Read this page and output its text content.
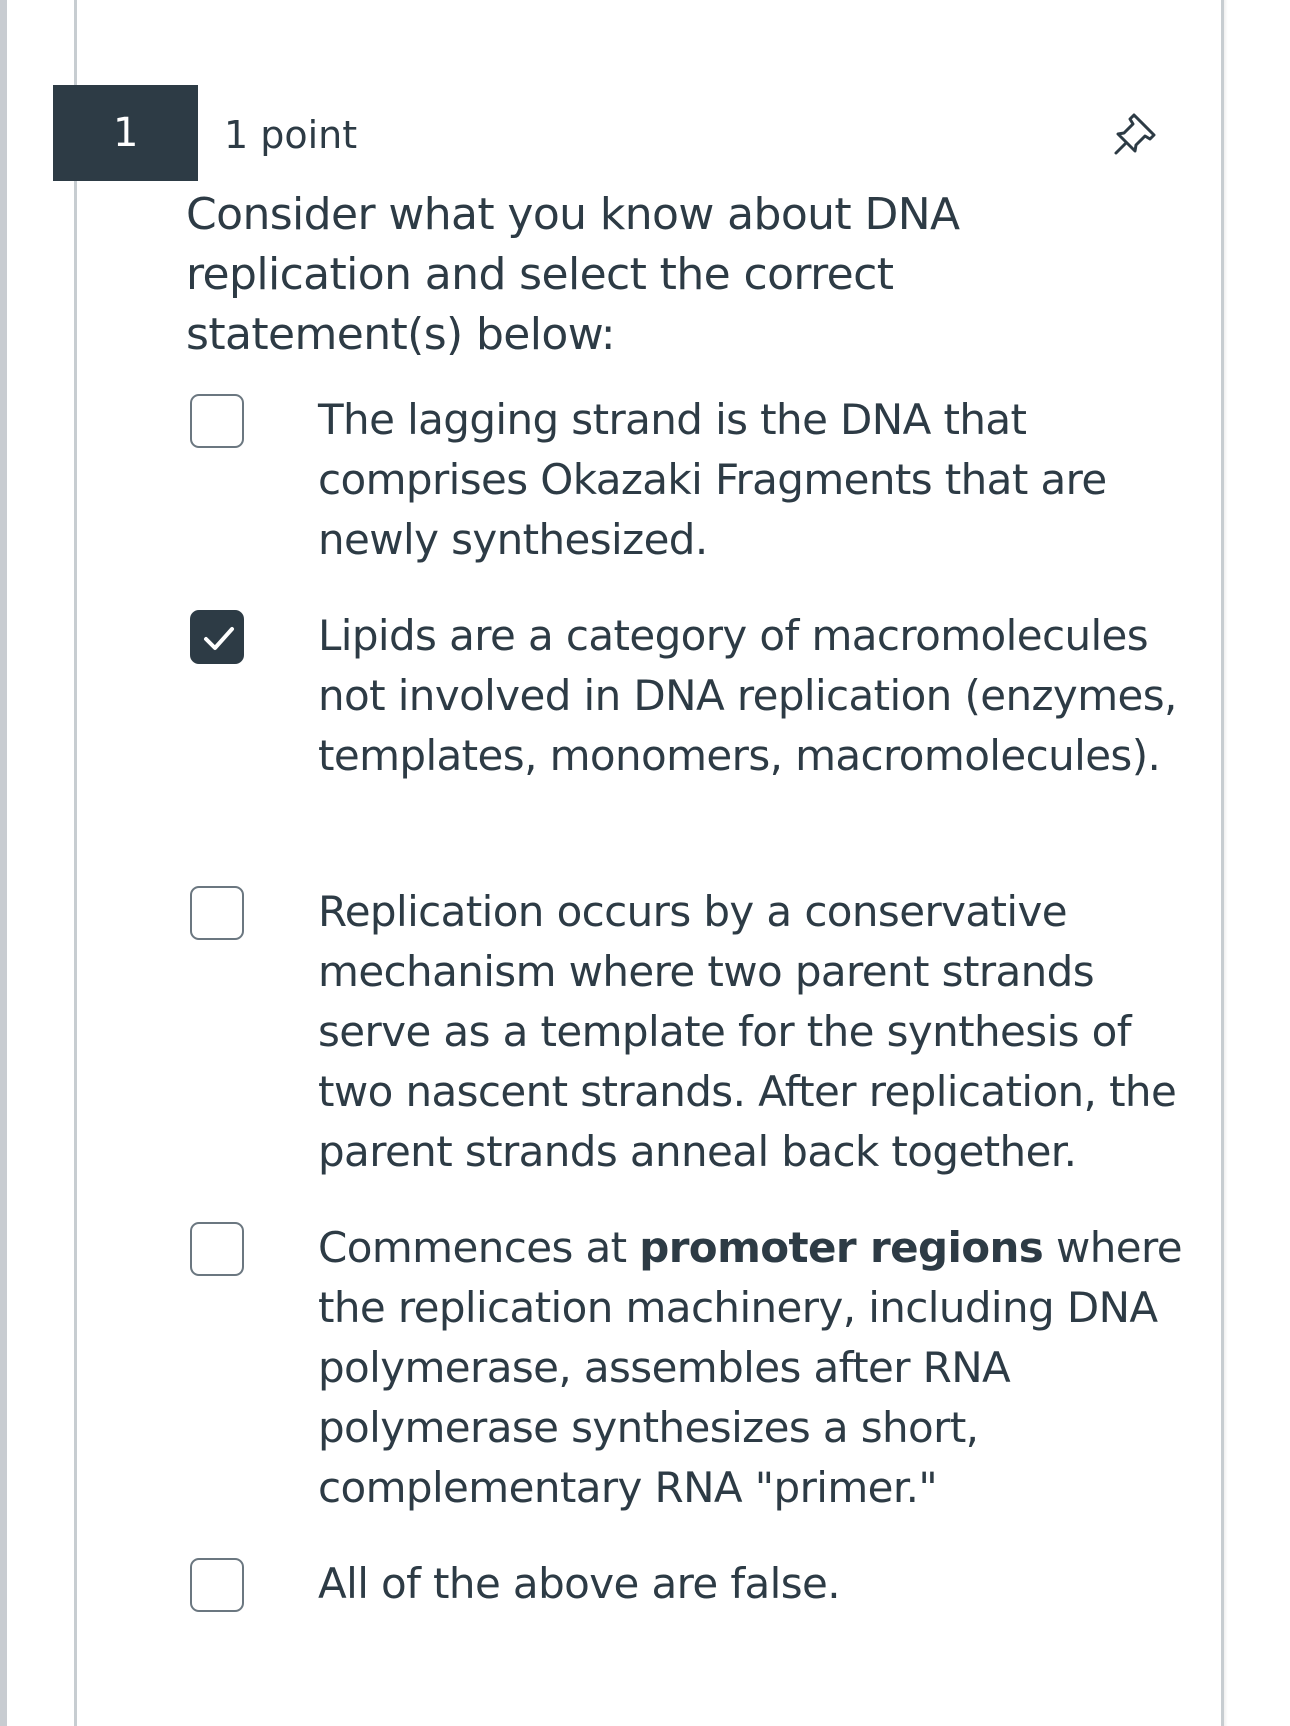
1	1 point
Consider what you know about DNA replication and select the correct statement(s) below:
The lagging strand is the DNA that comprises Okazaki Fragments that are newly synthesized.
Lipids are a category of macromolecules not involved in DNA replication (enzymes, templates, monomers, macromolecules).
Replication occurs by a conservative mechanism where two parent strands serve as a template for the synthesis of two nascent strands. After replication, the parent strands anneal back together.
Commences at promoter regions where the replication machinery, including DNA polymerase, assembles after RNA polymerase synthesizes a short, complementary RNA "primer."
All of the above are false.
